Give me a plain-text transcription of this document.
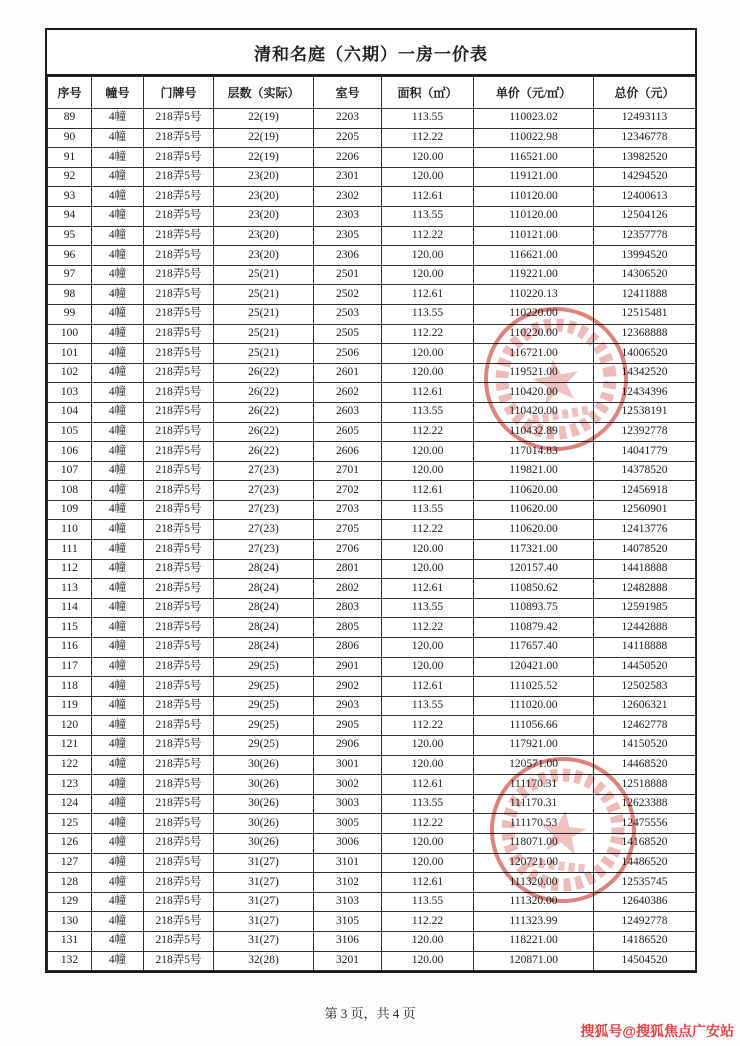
清和名庭（六期）一房一价表
序号	幢号	门牌号	层数（实际）	室号	面积（㎡）	单价（元/㎡）	总价（元）
89	4幢	218弄5号	22(19)	2203	113.55	110023.02	12493113
90	4幢	218弄5号	22(19)	2205	112.22	110022.98	12346778
91	4幢	218弄5号	22(19)	2206	120.00	116521.00	13982520
92	4幢	218弄5号	23(20)	2301	120.00	119121.00	14294520
93	4幢	218弄5号	23(20)	2302	112.61	110120.00	12400613
94	4幢	218弄5号	23(20)	2303	113.55	110120.00	12504126
95	4幢	218弄5号	23(20)	2305	112.22	110121.00	12357778
96	4幢	218弄5号	23(20)	2306	120.00	116621.00	13994520
97	4幢	218弄5号	25(21)	2501	120.00	119221.00	14306520
98	4幢	218弄5号	25(21)	2502	112.61	110220.13	12411888
99	4幢	218弄5号	25(21)	2503	113.55	110220.00	12515481
100	4幢	218弄5号	25(21)	2505	112.22	110220.00	12368888
101	4幢	218弄5号	25(21)	2506	120.00	116721.00	14006520
102	4幢	218弄5号	26(22)	2601	120.00	119521.00	14342520
103	4幢	218弄5号	26(22)	2602	112.61	110420.00	12434396
104	4幢	218弄5号	26(22)	2603	113.55	110420.00	12538191
105	4幢	218弄5号	26(22)	2605	112.22	110432.89	12392778
106	4幢	218弄5号	26(22)	2606	120.00	117014.83	14041779
107	4幢	218弄5号	27(23)	2701	120.00	119821.00	14378520
108	4幢	218弄5号	27(23)	2702	112.61	110620.00	12456918
109	4幢	218弄5号	27(23)	2703	113.55	110620.00	12560901
110	4幢	218弄5号	27(23)	2705	112.22	110620.00	12413776
111	4幢	218弄5号	27(23)	2706	120.00	117321.00	14078520
112	4幢	218弄5号	28(24)	2801	120.00	120157.40	14418888
113	4幢	218弄5号	28(24)	2802	112.61	110850.62	12482888
114	4幢	218弄5号	28(24)	2803	113.55	110893.75	12591985
115	4幢	218弄5号	28(24)	2805	112.22	110879.42	12442888
116	4幢	218弄5号	28(24)	2806	120.00	117657.40	14118888
117	4幢	218弄5号	29(25)	2901	120.00	120421.00	14450520
118	4幢	218弄5号	29(25)	2902	112.61	111025.52	12502583
119	4幢	218弄5号	29(25)	2903	113.55	111020.00	12606321
120	4幢	218弄5号	29(25)	2905	112.22	111056.66	12462778
121	4幢	218弄5号	29(25)	2906	120.00	117921.00	14150520
122	4幢	218弄5号	30(26)	3001	120.00	120571.00	14468520
123	4幢	218弄5号	30(26)	3002	112.61	111170.31	12518888
124	4幢	218弄5号	30(26)	3003	113.55	111170.31	12623388
125	4幢	218弄5号	30(26)	3005	112.22	111170.53	12475556
126	4幢	218弄5号	30(26)	3006	120.00	118071.00	14168520
127	4幢	218弄5号	31(27)	3101	120.00	120721.00	14486520
128	4幢	218弄5号	31(27)	3102	112.61	111320.00	12535745
129	4幢	218弄5号	31(27)	3103	113.55	111320.00	12640386
130	4幢	218弄5号	31(27)	3105	112.22	111323.99	12492778
131	4幢	218弄5号	31(27)	3106	120.00	118221.00	14186520
132	4幢	218弄5号	32(28)	3201	120.00	120871.00	14504520
第 3 页，共 4 页
搜狐号@搜狐焦点广安站
